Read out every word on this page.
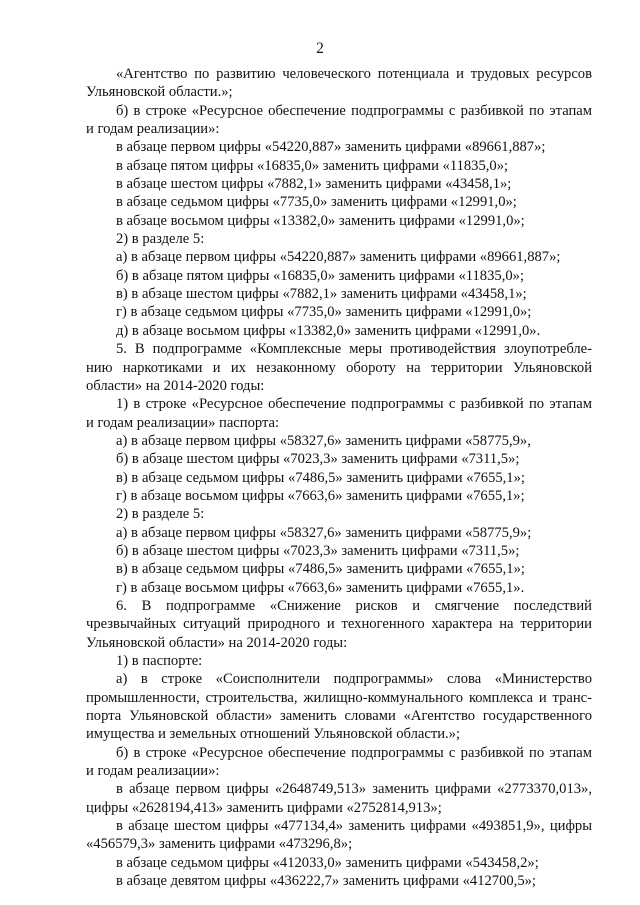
2
«Агентство по развитию человеческого потенциала и трудовых ресурсов
Ульяновской области.»;
б) в строке «Ресурсное обеспечение подпрограммы с разбивкой по этапам
и годам реализации»:
в абзаце первом цифры «54220,887» заменить цифрами «89661,887»;
в абзаце пятом цифры «16835,0» заменить цифрами «11835,0»;
в абзаце шестом цифры «7882,1» заменить цифрами «43458,1»;
в абзаце седьмом цифры «7735,0» заменить цифрами «12991,0»;
в абзаце восьмом цифры «13382,0» заменить цифрами «12991,0»;
2) в разделе 5:
а) в абзаце первом цифры «54220,887» заменить цифрами «89661,887»;
б) в абзаце пятом цифры «16835,0» заменить цифрами «11835,0»;
в) в абзаце шестом цифры «7882,1» заменить цифрами «43458,1»;
г) в абзаце седьмом цифры «7735,0» заменить цифрами «12991,0»;
д) в абзаце восьмом цифры «13382,0» заменить цифрами «12991,0».
5. В подпрограмме «Комплексные меры противодействия злоупотребле-
нию наркотиками и их незаконному обороту на территории Ульяновской
области» на 2014-2020 годы:
1) в строке «Ресурсное обеспечение подпрограммы с разбивкой по этапам
и годам реализации» паспорта:
а) в абзаце первом цифры «58327,6» заменить цифрами «58775,9»,
б) в абзаце шестом цифры «7023,3» заменить цифрами «7311,5»;
в) в абзаце седьмом цифры «7486,5» заменить цифрами «7655,1»;
г) в абзаце восьмом цифры «7663,6» заменить цифрами «7655,1»;
2) в разделе 5:
а) в абзаце первом цифры «58327,6» заменить цифрами «58775,9»;
б) в абзаце шестом цифры «7023,3» заменить цифрами «7311,5»;
в) в абзаце седьмом цифры «7486,5» заменить цифрами «7655,1»;
г) в абзаце восьмом цифры «7663,6» заменить цифрами «7655,1».
6. В подпрограмме «Снижение рисков и смягчение последствий
чрезвычайных ситуаций природного и техногенного характера на территории
Ульяновской области» на 2014-2020 годы:
1) в паспорте:
а) в строке «Соисполнители подпрограммы» слова «Министерство
промышленности, строительства, жилищно-коммунального комплекса и транс-
порта Ульяновской области» заменить словами «Агентство государственного
имущества и земельных отношений Ульяновской области.»;
б) в строке «Ресурсное обеспечение подпрограммы с разбивкой по этапам
и годам реализации»:
в абзаце первом цифры «2648749,513» заменить цифрами «2773370,013»,
цифры «2628194,413» заменить цифрами «2752814,913»;
в абзаце шестом цифры «477134,4» заменить цифрами «493851,9», цифры
«456579,3» заменить цифрами «473296,8»;
в абзаце седьмом цифры «412033,0» заменить цифрами «543458,2»;
в абзаце девятом цифры «436222,7» заменить цифрами «412700,5»;
